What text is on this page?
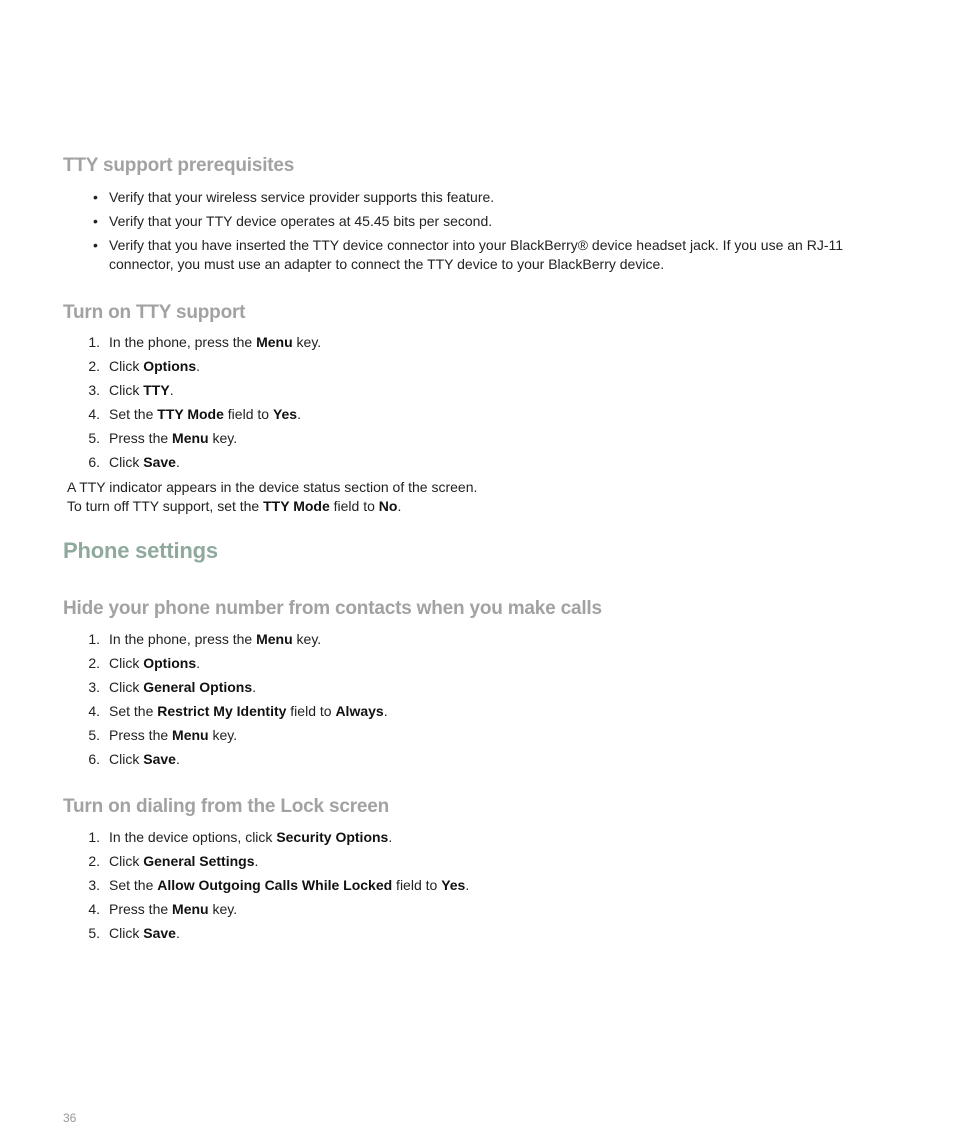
TTY support prerequisites
• Verify that your wireless service provider supports this feature.
• Verify that your TTY device operates at 45.45 bits per second.
• Verify that you have inserted the TTY device connector into your BlackBerry® device headset jack. If you use an RJ-11 connector, you must use an adapter to connect the TTY device to your BlackBerry device.
Turn on TTY support
1. In the phone, press the Menu key.
2. Click Options.
3. Click TTY.
4. Set the TTY Mode field to Yes.
5. Press the Menu key.
6. Click Save.

A TTY indicator appears in the device status section of the screen.

To turn off TTY support, set the TTY Mode field to No.

Phone settings
Hide your phone number from contacts when you make calls
1. In the phone, press the Menu key.
2. Click Options.
3. Click General Options.
4. Set the Restrict My Identity field to Always.
5. Press the Menu key.
6. Click Save.
Turn on dialing from the Lock screen
1. In the device options, click Security Options.
2. Click General Settings.
3. Set the Allow Outgoing Calls While Locked field to Yes.
4. Press the Menu key.
5. Click Save.

36
